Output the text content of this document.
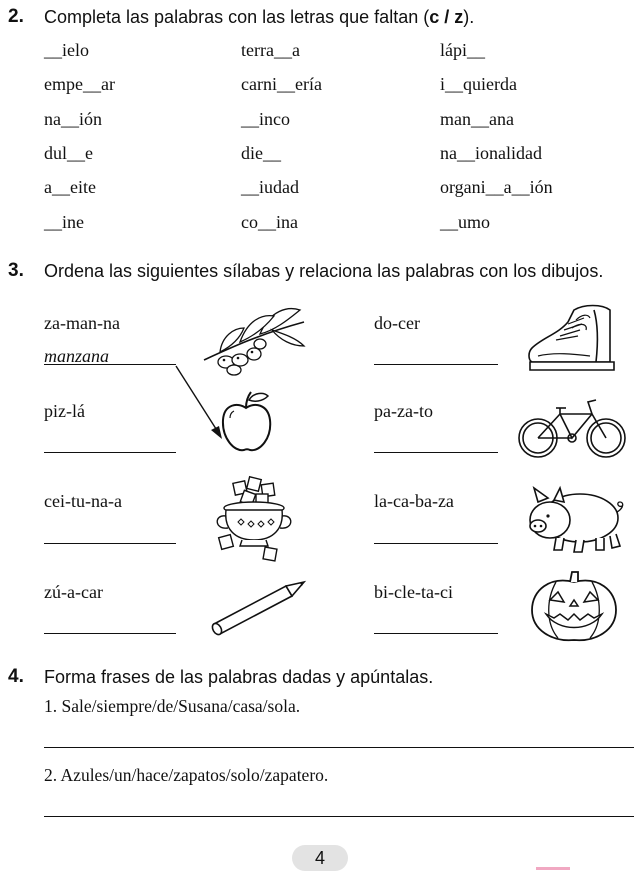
2. Completa las palabras con las letras que faltan (c / z).
__ielo	terra__a	lápi__
empe__ar	carni__ería	i__quierda
na__ión	__inco	man__ana
dul__e	die__	na__ionalidad
a__eite	__iudad	organi__a__ión
__ine	co__ina	__umo
3. Ordena las siguientes sílabas y relaciona las palabras con los dibujos.
za-man-na
manzana
piz-lá
cei-tu-na-a
zú-a-car
do-cer
pa-za-to
la-ca-ba-za
bi-cle-ta-ci
4. Forma frases de las palabras dadas y apúntalas.
1. Sale/siempre/de/Susana/casa/sola.
2. Azules/un/hace/zapatos/solo/zapatero.
4
